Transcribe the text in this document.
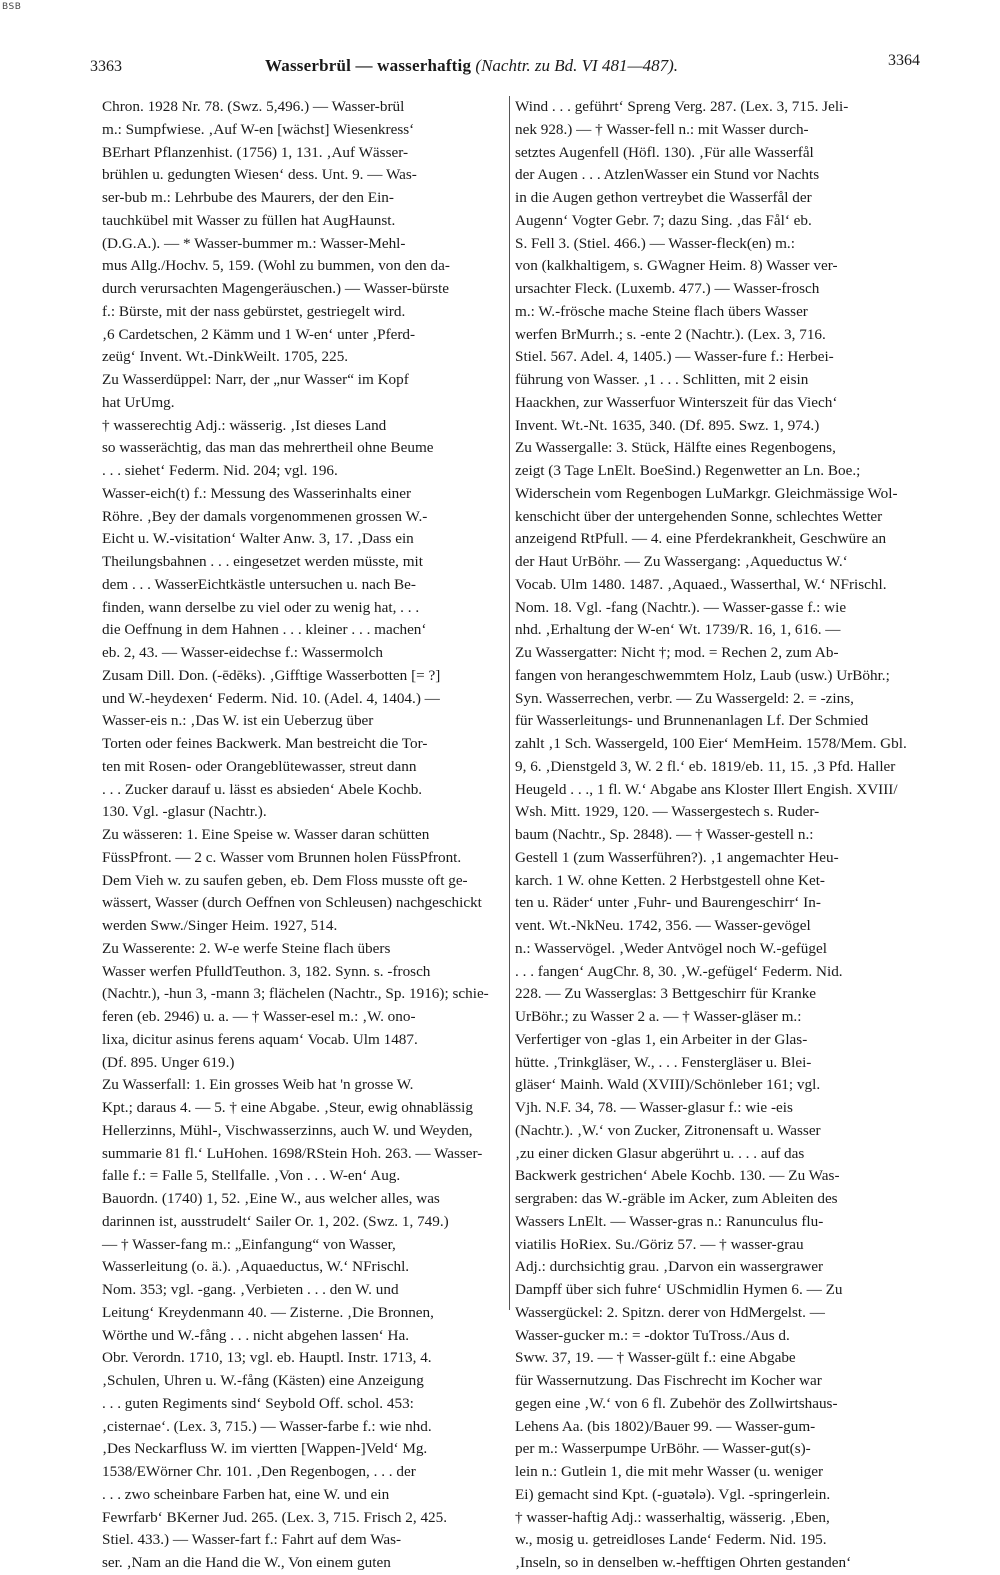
BSB
3363	Wasserbrül — wasserhaftig (Nachtr. zu Bd. VI 481—487).	3364
Chron. 1928 Nr. 78. (Swz. 5,496.) — Wasser-brül
m.: Sumpfwiese. ‚Auf W-en [wächst] Wiesenkress‘
BErhart Pflanzenhist. (1756) 1, 131. ‚Auf Wässer-
brühlen u. gedungten Wiesen‘ dess. Unt. 9. — Was-
ser-bub m.: Lehrbube des Maurers, der den Ein-
tauchkübel mit Wasser zu füllen hat AugHaunst.
(D.G.A.). — * Wasser-bummer m.: Wasser-Mehl-
mus Allg./Hochv. 5, 159. (Wohl zu bummen, von den da-
durch verursachten Magengeräuschen.) — Wasser-bürste
f.: Bürste, mit der nass gebürstet, gestriegelt wird.
‚6 Cardetschen, 2 Kämm und 1 W-en‘ unter ‚Pferd-
zeüg‘ Invent. Wt.-DinkWeilt. 1705, 225.
Zu Wasserdüppel: Narr, der „nur Wasser“ im Kopf
hat UrUmg.
† wasserechtig Adj.: wässerig. ‚Ist dieses Land
so wasserächtig, das man das mehrertheil ohne Beume
. . . siehet‘ Federm. Nid. 204; vgl. 196.
Wasser-eich(t) f.: Messung des Wasserinhalts einer
Röhre. ‚Bey der damals vorgenommenen grossen W.-
Eicht u. W.-visitation‘ Walter Anw. 3, 17. ‚Dass ein
Theilungsbahnen . . . eingesetzet werden müsste, mit
dem . . . WasserEichtkästle untersuchen u. nach Be-
finden, wann derselbe zu viel oder zu wenig hat, . . .
die Oeffnung in dem Hahnen . . . kleiner . . . machen‘
eb. 2, 43. — Wasser-eidechse f.: Wassermolch
Zusam Dill. Don. (-ēdēks). ‚Gifftige Wasserbotten [= ?]
und W.-heydexen‘ Federm. Nid. 10. (Adel. 4, 1404.) —
Wasser-eis n.: ‚Das W. ist ein Ueberzug über
Torten oder feines Backwerk. Man bestreicht die Tor-
ten mit Rosen- oder Orangeblütewasser, streut dann
. . . Zucker darauf u. lässt es absieden‘ Abele Kochb.
130. Vgl. -glasur (Nachtr.).
Zu wässeren: 1. Eine Speise w. Wasser daran schütten
FüssPfront. — 2 c. Wasser vom Brunnen holen FüssPfront.
Dem Vieh w. zu saufen geben, eb. Dem Floss musste oft ge-
wässert, Wasser (durch Oeffnen von Schleusen) nachgeschickt
werden Sww./Singer Heim. 1927, 514.
Zu Wasserente: 2. W-e werfe Steine flach übers
Wasser werfen PfulldTeuthon. 3, 182. Synn. s. -frosch
(Nachtr.), -hun 3, -mann 3; flächelen (Nachtr., Sp. 1916); schie-
feren (eb. 2946) u. a. — † Wasser-esel m.: ‚W. ono-
lixa, dicitur asinus ferens aquam‘ Vocab. Ulm 1487.
(Df. 895. Unger 619.)
Zu Wasserfall: 1. Ein grosses Weib hat 'n grosse W.
Kpt.; daraus 4. — 5. † eine Abgabe. ‚Steur, ewig ohnablässig
Hellerzinns, Mühl-, Vischwasserzinns, auch W. und Weyden,
summarie 81 fl.‘ LuHohen. 1698/RStein Hoh. 263. — Wasser-
falle f.: = Falle 5, Stellfalle. ‚Von . . . W-en‘ Aug.
Bauordn. (1740) 1, 52. ‚Eine W., aus welcher alles, was
darinnen ist, ausstrudelt‘ Sailer Or. 1, 202. (Swz. 1, 749.)
— † Wasser-fang m.: „Einfangung“ von Wasser,
Wasserleitung (o. ä.). ‚Aquaeductus, W.‘ NFrischl.
Nom. 353; vgl. -gang. ‚Verbieten . . . den W. und
Leitung‘ Kreydenmann 40. — Zisterne. ‚Die Bronnen,
Wörthe und W.-fång . . . nicht abgehen lassen‘ Ha.
Obr. Verordn. 1710, 13; vgl. eb. Hauptl. Instr. 1713, 4.
‚Schulen, Uhren u. W.-fång (Kästen) eine Anzeigung
. . . guten Regiments sind‘ Seybold Off. schol. 453:
‚cisternae‘. (Lex. 3, 715.) — Wasser-farbe f.: wie nhd.
‚Des Neckarfluss W. im viertten [Wappen-]Veld‘ Mg.
1538/EWörner Chr. 101. ‚Den Regenbogen, . . . der
. . . zwo scheinbare Farben hat, eine W. und ein
Fewrfarb‘ BKerner Jud. 265. (Lex. 3, 715. Frisch 2, 425.
Stiel. 433.) — Wasser-fart f.: Fahrt auf dem Was-
ser. ‚Nam an die Hand die W., Von einem guten
Wind . . . geführt‘ Spreng Verg. 287. (Lex. 3, 715. Jeli-
nek 928.) — † Wasser-fell n.: mit Wasser durch-
setztes Augenfell (Höfl. 130). ‚Für alle Wasserfål
der Augen . . . AtzlenWasser ein Stund vor Nachts
in die Augen gethon vertreybet die Wasserfål der
Augenn‘ Vogter Gebr. 7; dazu Sing. ‚das Fål‘ eb.
S. Fell 3. (Stiel. 466.) — Wasser-fleck(en) m.:
von (kalkhaltigem, s. GWagner Heim. 8) Wasser ver-
ursachter Fleck. (Luxemb. 477.) — Wasser-frosch
m.: W.-frösche mache Steine flach übers Wasser
werfen BrMurrh.; s. -ente 2 (Nachtr.). (Lex. 3, 716.
Stiel. 567. Adel. 4, 1405.) — Wasser-fure f.: Herbei-
führung von Wasser. ‚1 . . . Schlitten, mit 2 eisin
Haackhen, zur Wasserfuor Winterszeit für das Viech‘
Invent. Wt.-Nt. 1635, 340. (Df. 895. Swz. 1, 974.)
Zu Wassergalle: 3. Stück, Hälfte eines Regenbogens,
zeigt (3 Tage LnElt. BoeSind.) Regenwetter an Ln. Boe.;
Widerschein vom Regenbogen LuMarkgr. Gleichmässige Wol-
kenschicht über der untergehenden Sonne, schlechtes Wetter
anzeigend RtPfull. — 4. eine Pferdekrankheit, Geschwüre an
der Haut UrBöhr. — Zu Wassergang: ‚Aqueductus W.‘
Vocab. Ulm 1480. 1487. ‚Aquaed., Wasserthal, W.‘ NFrischl.
Nom. 18. Vgl. -fang (Nachtr.). — Wasser-gasse f.: wie
nhd. ‚Erhaltung der W-en‘ Wt. 1739/R. 16, 1, 616. —
Zu Wassergatter: Nicht †; mod. = Rechen 2, zum Ab-
fangen von herangeschwemmtem Holz, Laub (usw.) UrBöhr.;
Syn. Wasserrechen, verbr. — Zu Wassergeld: 2. = -zins,
für Wasserleitungs- und Brunnenanlagen Lf. Der Schmied
zahlt ‚1 Sch. Wassergeld, 100 Eier‘ MemHeim. 1578/Mem. Gbl.
9, 6. ‚Dienstgeld 3, W. 2 fl.‘ eb. 1819/eb. 11, 15. ‚3 Pfd. Haller
Heugeld . . ., 1 fl. W.‘ Abgabe ans Kloster Illert Engish. XVIII/
Wsh. Mitt. 1929, 120. — Wassergestech s. Ruder-
baum (Nachtr., Sp. 2848). — † Wasser-gestell n.:
Gestell 1 (zum Wasserführen?). ‚1 angemachter Heu-
karch. 1 W. ohne Ketten. 2 Herbstgestell ohne Ket-
ten u. Räder‘ unter ‚Fuhr- und Baurengeschirr‘ In-
vent. Wt.-NkNeu. 1742, 356. — Wasser-gevögel
n.: Wasservögel. ‚Weder Antvögel noch W.-gefügel
. . . fangen‘ AugChr. 8, 30. ‚W.-gefügel‘ Federm. Nid.
228. — Zu Wasserglas: 3 Bettgeschirr für Kranke
UrBöhr.; zu Wasser 2 a. — † Wasser-gläser m.:
Verfertiger von -glas 1, ein Arbeiter in der Glas-
hütte. ‚Trinkgläser, W., . . . Fenstergläser u. Blei-
gläser‘ Mainh. Wald (XVIII)/Schönleber 161; vgl.
Vjh. N.F. 34, 78. — Wasser-glasur f.: wie -eis
(Nachtr.). ‚W.‘ von Zucker, Zitronensaft u. Wasser
‚zu einer dicken Glasur abgerührt u. . . . auf das
Backwerk gestrichen‘ Abele Kochb. 130. — Zu Was-
sergraben: das W.-gräble im Acker, zum Ableiten des
Wassers LnElt. — Wasser-gras n.: Ranunculus flu-
viatilis HoRiex. Su./Göriz 57. — † wasser-grau
Adj.: durchsichtig grau. ‚Darvon ein wassergrawer
Dampff über sich fuhre‘ USchmidlin Hymen 6. — Zu
Wassergückel: 2. Spitzn. derer von HdMergelst. —
Wasser-gucker m.: = -doktor TuTross./Aus d.
Sww. 37, 19. — † Wasser-gült f.: eine Abgabe
für Wassernutzung. Das Fischrecht im Kocher war
gegen eine ‚W.‘ von 6 fl. Zubehör des Zollwirtshaus-
Lehens Aa. (bis 1802)/Bauer 99. — Wasser-gum-
per m.: Wasserpumpe UrBöhr. — Wasser-gut(s)-
lein n.: Gutlein 1, die mit mehr Wasser (u. weniger
Ei) gemacht sind Kpt. (-guətələ). Vgl. -springerlein.
† wasser-haftig Adj.: wasserhaltig, wässerig. ‚Eben,
w., mosig u. getreidloses Lande‘ Federm. Nid. 195.
‚Inseln, so in denselben w.-hefftigen Ohrten gestanden‘
